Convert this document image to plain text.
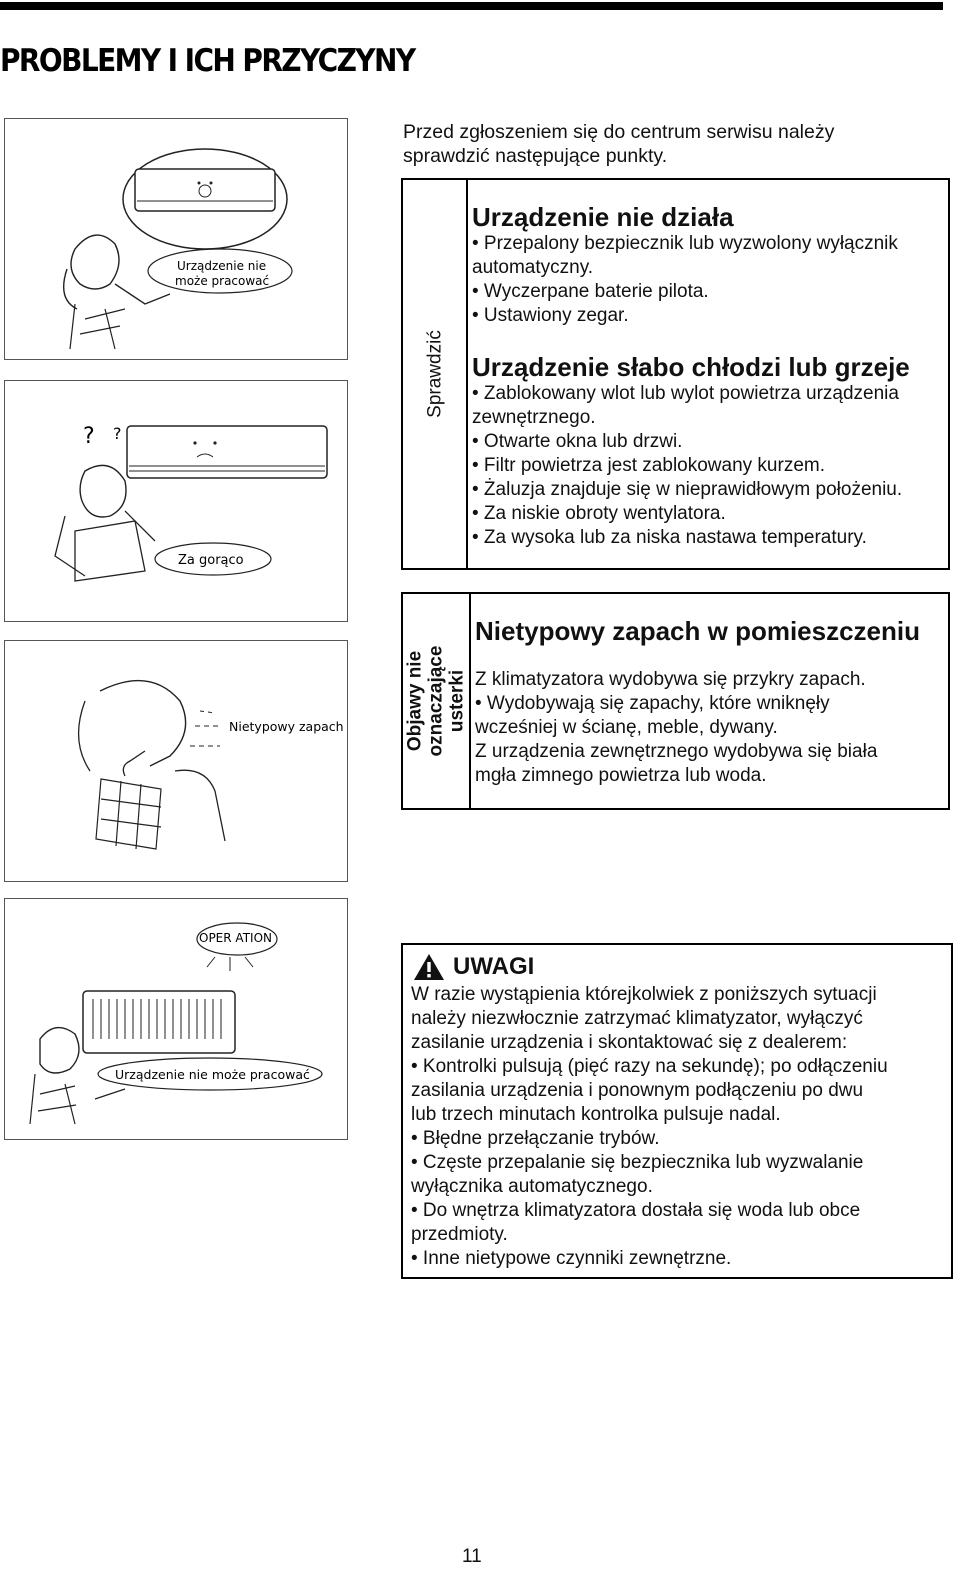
PROBLEMY I ICH PRZYCZYNY
Urządzenie nie
może pracować
? ?
Za gorąco
Nietypowy zapach
OPER ATION
Urządzenie nie może pracować
Przed zgłoszeniem się do centrum serwisu należy
sprawdzić następujące punkty.
Sprawdzić

Urządzenie nie działa

• Przepalony bezpiecznik lub wyzwolony wyłącznik

automatyczny.

• Wyczerpane baterie pilota.

• Ustawiony zegar.

Urządzenie słabo chłodzi lub grzeje

• Zablokowany wlot lub wylot powietrza urządzenia

zewnętrznego.

• Otwarte okna lub drzwi.

• Filtr powietrza jest zablokowany kurzem.

• Żaluzja znajduje się w nieprawidłowym położeniu.

• Za niskie obroty wentylatora.

• Za wysoka lub za niska nastawa temperatury.

Objawy nie oznaczające usterki

Nietypowy zapach w pomieszczeniu

Z klimatyzatora wydobywa się przykry zapach.

• Wydobywają się zapachy, które wniknęły

wcześniej w ścianę, meble, dywany.

Z urządzenia zewnętrznego wydobywa się biała

mgła zimnego powietrza lub woda.

UWAGI

W razie wystąpienia którejkolwiek z poniższych sytuacji

należy niezwłocznie zatrzymać klimatyzator, wyłączyć

zasilanie urządzenia i skontaktować się z dealerem:

• Kontrolki pulsują (pięć razy na sekundę); po odłączeniu

zasilania urządzenia i ponownym podłączeniu po dwu

lub trzech minutach kontrolka pulsuje nadal.

• Błędne przełączanie trybów.

• Częste przepalanie się bezpiecznika lub wyzwalanie

wyłącznika automatycznego.

• Do wnętrza klimatyzatora dostała się woda lub obce

przedmioty.

• Inne nietypowe czynniki zewnętrzne.

11
